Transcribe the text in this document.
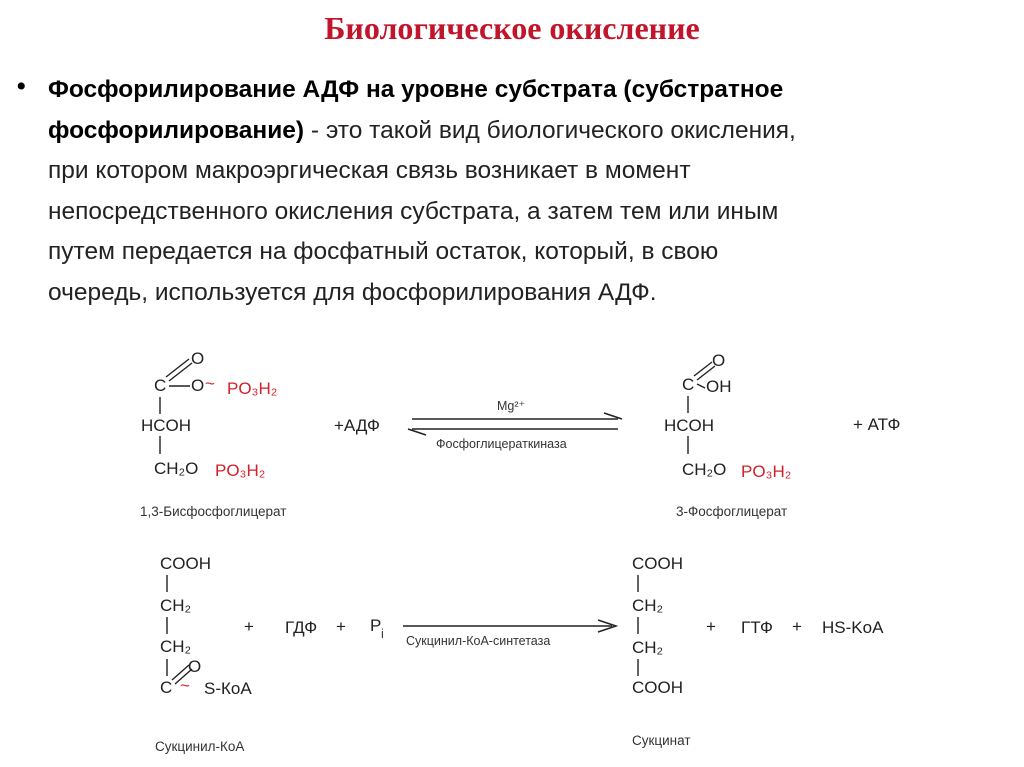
Биологическое окисление
• Фосфорилирование АДФ на уровне субстрата (субстратное
фосфорилирование) - это такой вид биологического окисления,
при котором макроэргическая связь возникает в момент
непосредственного окисления субстрата, а затем тем или иным
путем передается на фосфатный остаток, который, в свою
очередь, используется для фосфорилирования АДФ.
C
O
O ~ PO₃H₂
HCOH
CH₂O PO₃H₂
1,3-Бисфосфоглицерат
+АДФ
Mg²⁺
Фосфоглицераткиназа
C
O
OH
HCOH
CH₂O PO₃H₂
3-Фосфоглицерат
+ АТФ
COOH
CH₂
CH₂
C
O
~ S-КоА
Сукцинил-КоА
+ ГДФ + P i Сукцинил-КоА-синтетаза
COOH
CH₂
CH₂
COOH
Сукцинат
+ ГТФ + HS-KoA
